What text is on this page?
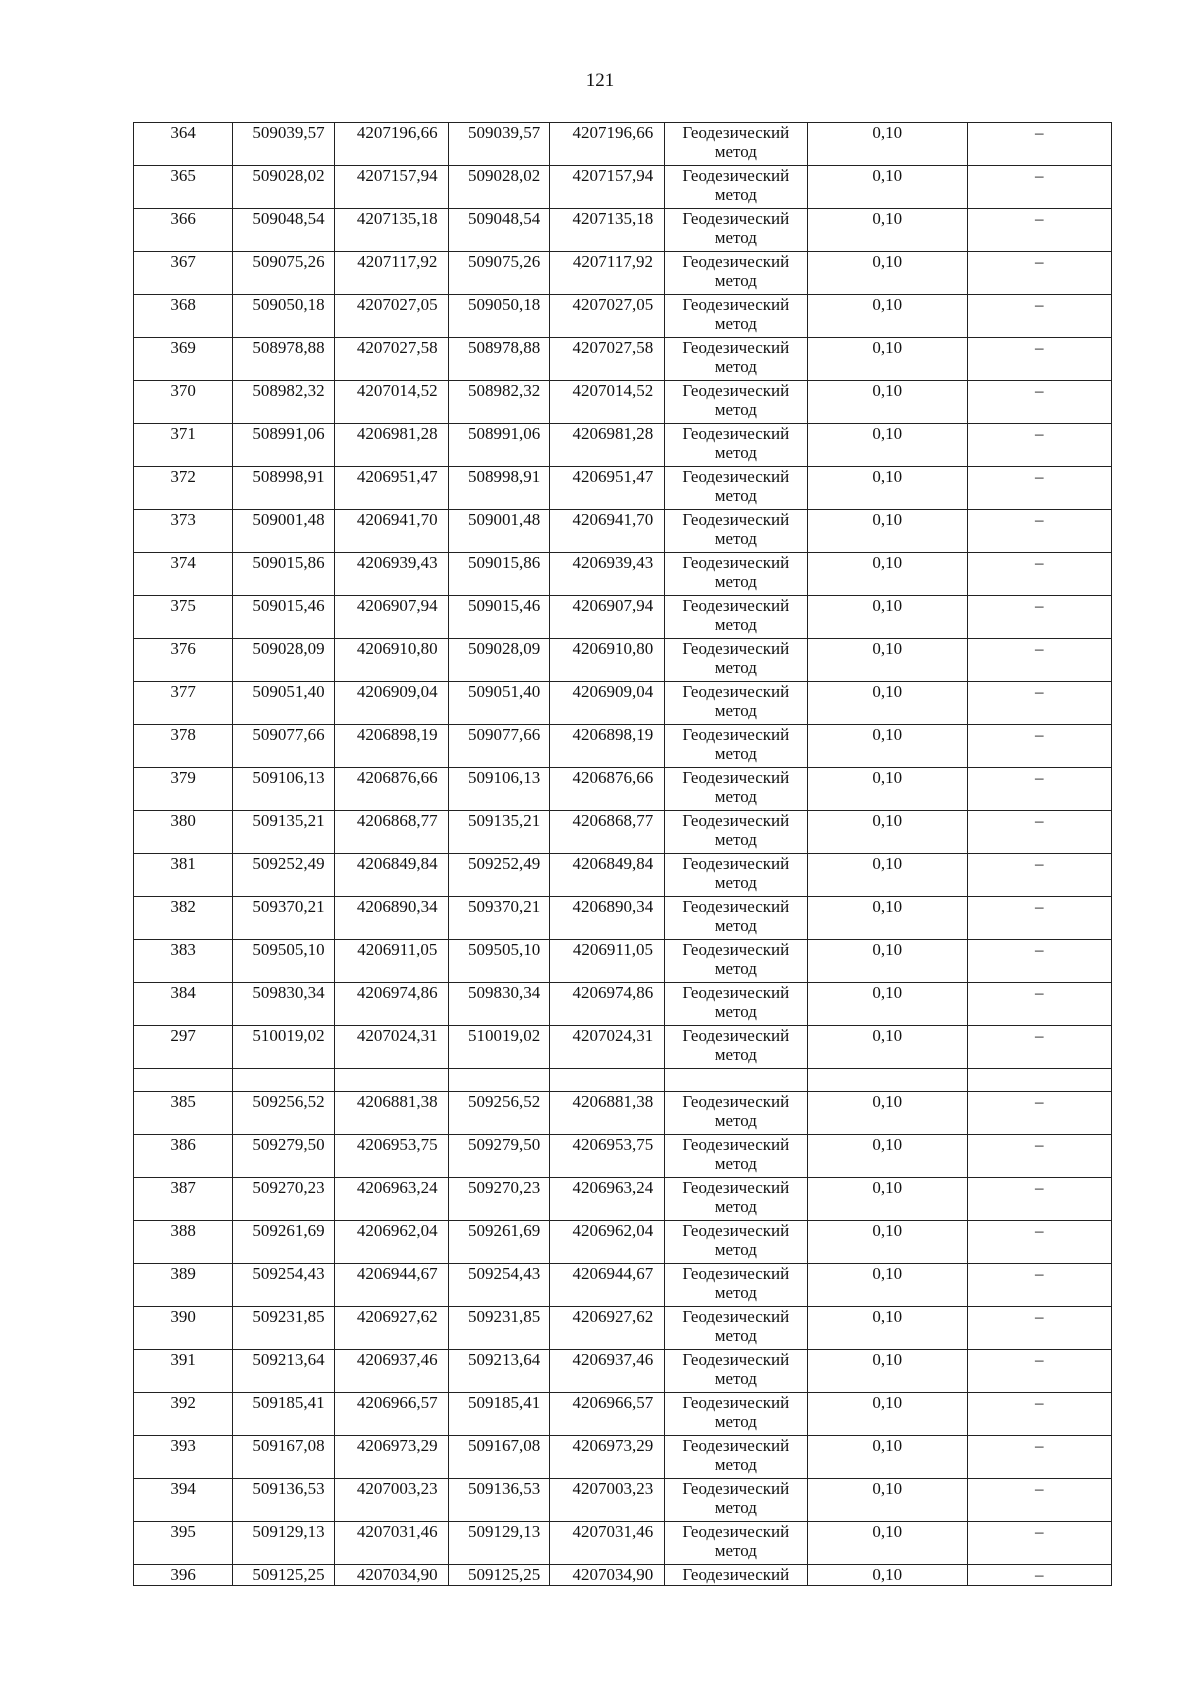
121
364	509039,57	4207196,66	509039,57	4207196,66	Геодезический
метод	0,10	–
365	509028,02	4207157,94	509028,02	4207157,94	Геодезический
метод	0,10	–
366	509048,54	4207135,18	509048,54	4207135,18	Геодезический
метод	0,10	–
367	509075,26	4207117,92	509075,26	4207117,92	Геодезический
метод	0,10	–
368	509050,18	4207027,05	509050,18	4207027,05	Геодезический
метод	0,10	–
369	508978,88	4207027,58	508978,88	4207027,58	Геодезический
метод	0,10	–
370	508982,32	4207014,52	508982,32	4207014,52	Геодезический
метод	0,10	–
371	508991,06	4206981,28	508991,06	4206981,28	Геодезический
метод	0,10	–
372	508998,91	4206951,47	508998,91	4206951,47	Геодезический
метод	0,10	–
373	509001,48	4206941,70	509001,48	4206941,70	Геодезический
метод	0,10	–
374	509015,86	4206939,43	509015,86	4206939,43	Геодезический
метод	0,10	–
375	509015,46	4206907,94	509015,46	4206907,94	Геодезический
метод	0,10	–
376	509028,09	4206910,80	509028,09	4206910,80	Геодезический
метод	0,10	–
377	509051,40	4206909,04	509051,40	4206909,04	Геодезический
метод	0,10	–
378	509077,66	4206898,19	509077,66	4206898,19	Геодезический
метод	0,10	–
379	509106,13	4206876,66	509106,13	4206876,66	Геодезический
метод	0,10	–
380	509135,21	4206868,77	509135,21	4206868,77	Геодезический
метод	0,10	–
381	509252,49	4206849,84	509252,49	4206849,84	Геодезический
метод	0,10	–
382	509370,21	4206890,34	509370,21	4206890,34	Геодезический
метод	0,10	–
383	509505,10	4206911,05	509505,10	4206911,05	Геодезический
метод	0,10	–
384	509830,34	4206974,86	509830,34	4206974,86	Геодезический
метод	0,10	–
297	510019,02	4207024,31	510019,02	4207024,31	Геодезический
метод	0,10	–

385	509256,52	4206881,38	509256,52	4206881,38	Геодезический
метод	0,10	–
386	509279,50	4206953,75	509279,50	4206953,75	Геодезический
метод	0,10	–
387	509270,23	4206963,24	509270,23	4206963,24	Геодезический
метод	0,10	–
388	509261,69	4206962,04	509261,69	4206962,04	Геодезический
метод	0,10	–
389	509254,43	4206944,67	509254,43	4206944,67	Геодезический
метод	0,10	–
390	509231,85	4206927,62	509231,85	4206927,62	Геодезический
метод	0,10	–
391	509213,64	4206937,46	509213,64	4206937,46	Геодезический
метод	0,10	–
392	509185,41	4206966,57	509185,41	4206966,57	Геодезический
метод	0,10	–
393	509167,08	4206973,29	509167,08	4206973,29	Геодезический
метод	0,10	–
394	509136,53	4207003,23	509136,53	4207003,23	Геодезический
метод	0,10	–
395	509129,13	4207031,46	509129,13	4207031,46	Геодезический
метод	0,10	–
396	509125,25	4207034,90	509125,25	4207034,90	Геодезический	0,10	–
